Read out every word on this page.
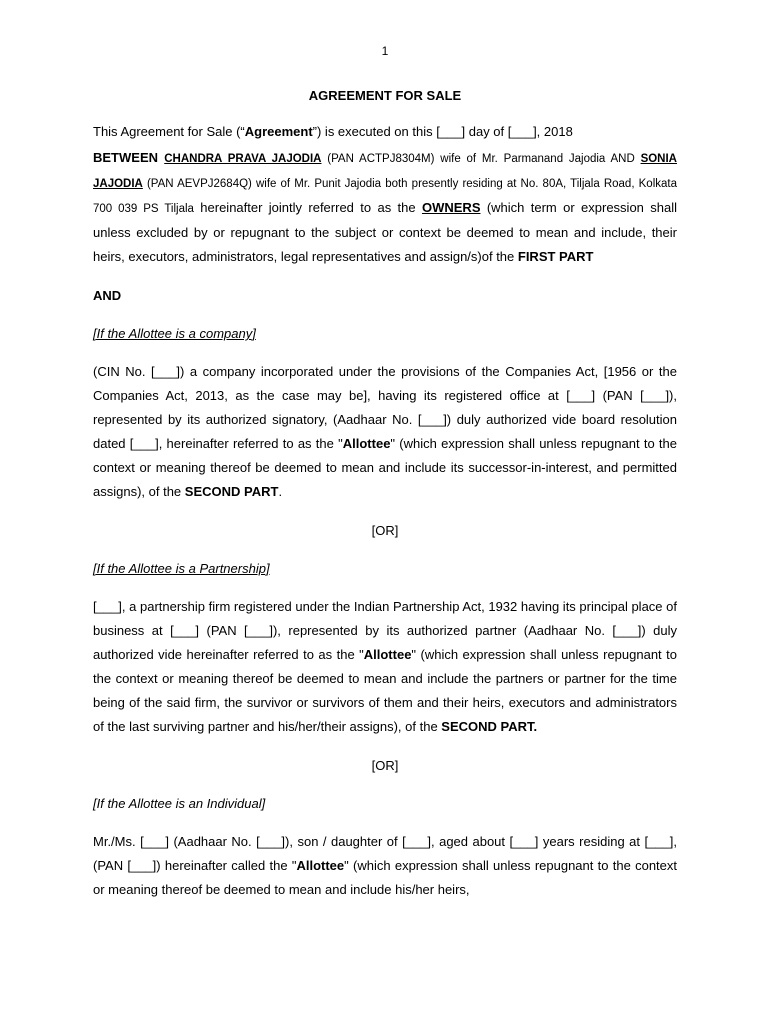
1
AGREEMENT FOR SALE

This Agreement for Sale (“Agreement”) is executed on this [___] day of [___], 2018

BETWEEN CHANDRA PRAVA JAJODIA (PAN ACTPJ8304M) wife of Mr. Parmanand Jajodia AND SONIA JAJODIA (PAN AEVPJ2684Q) wife of Mr. Punit Jajodia both presently residing at No. 80A, Tiljala Road, Kolkata 700 039 PS Tiljala hereinafter jointly referred to as the OWNERS (which term or expression shall unless excluded by or repugnant to the subject or context be deemed to mean and include, their heirs, executors, administrators, legal representatives and assign/s)of the FIRST PART

AND

[If the Allottee is a company]

(CIN No. [___]) a company incorporated under the provisions of the Companies Act, [1956 or the Companies Act, 2013, as the case may be], having its registered office at [___] (PAN [___]), represented by its authorized signatory, (Aadhaar No. [___]) duly authorized vide board resolution dated [___], hereinafter referred to as the "Allottee" (which expression shall unless repugnant to the context or meaning thereof be deemed to mean and include its successor-in-interest, and permitted assigns), of the SECOND PART.

[OR]

[If the Allottee is a Partnership]

[___], a partnership firm registered under the Indian Partnership Act, 1932 having its principal place of business at [___] (PAN [___]), represented by its authorized partner (Aadhaar No. [___]) duly authorized vide hereinafter referred to as the "Allottee" (which expression shall unless repugnant to the context or meaning thereof be deemed to mean and include the partners or partner for the time being of the said firm, the survivor or survivors of them and their heirs, executors and administrators of the last surviving partner and his/her/their assigns), of the SECOND PART.

[OR]

[If the Allottee is an Individual]

Mr./Ms. [___] (Aadhaar No. [___]), son / daughter of [___], aged about [___] years residing at [___], (PAN [___]) hereinafter called the "Allottee" (which expression shall unless repugnant to the context or meaning thereof be deemed to mean and include his/her heirs,
